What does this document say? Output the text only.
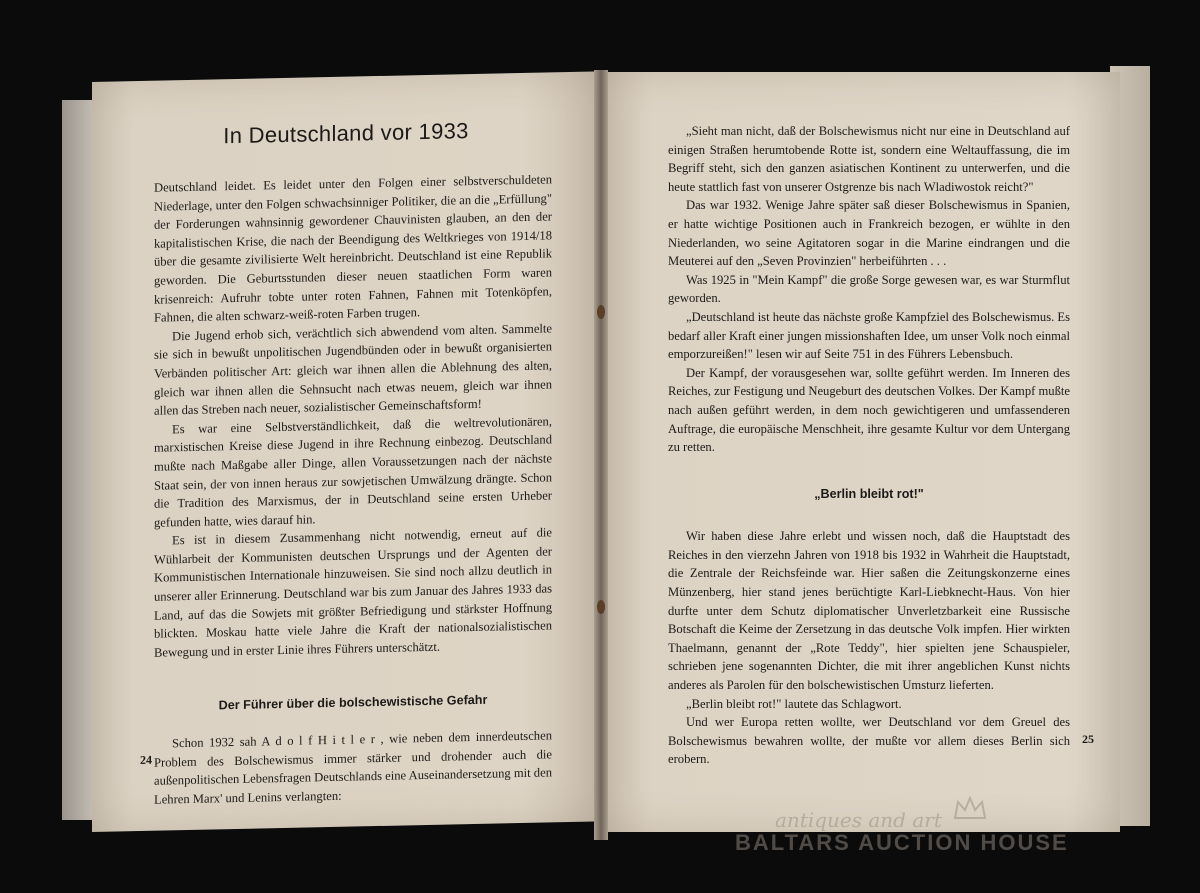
In Deutschland vor 1933

Deutschland leidet. Es leidet unter den Folgen einer selbstverschuldeten Niederlage, unter den Folgen schwachsinniger Politiker, die an die „Erfüllung" der Forderungen wahnsinnig gewordener Chauvinisten glauben, an den der kapitalistischen Krise, die nach der Beendigung des Weltkrieges von 1914/18 über die gesamte zivilisierte Welt hereinbricht. Deutschland ist eine Republik geworden. Die Geburtsstunden dieser neuen staatlichen Form waren krisenreich: Aufruhr tobte unter roten Fahnen, Fahnen mit Totenköpfen, Fahnen, die alten schwarz-weiß-roten Farben trugen.

Die Jugend erhob sich, verächtlich sich abwendend vom alten. Sammelte sie sich in bewußt unpolitischen Jugendbünden oder in bewußt organisierten Verbänden politischer Art: gleich war ihnen allen die Ablehnung des alten, gleich war ihnen allen die Sehnsucht nach etwas neuem, gleich war ihnen allen das Streben nach neuer, sozialistischer Gemeinschaftsform!

Es war eine Selbstverständlichkeit, daß die weltrevolutionären, marxistischen Kreise diese Jugend in ihre Rechnung einbezog. Deutschland mußte nach Maßgabe aller Dinge, allen Voraussetzungen nach der nächste Staat sein, der von innen heraus zur sowjetischen Umwälzung drängte. Schon die Tradition des Marxismus, der in Deutschland seine ersten Urheber gefunden hatte, wies darauf hin.

Es ist in diesem Zusammenhang nicht notwendig, erneut auf die Wühlarbeit der Kommunisten deutschen Ursprungs und der Agenten der Kommunistischen Internationale hinzuweisen. Sie sind noch allzu deutlich in unserer aller Erinnerung. Deutschland war bis zum Januar des Jahres 1933 das Land, auf das die Sowjets mit größter Befriedigung und stärkster Hoffnung blickten. Moskau hatte viele Jahre die Kraft der nationalsozialistischen Bewegung und in erster Linie ihres Führers unterschätzt.

Der Führer über die bolschewistische Gefahr

Schon 1932 sah A d o l f H i t l e r , wie neben dem innerdeutschen Problem des Bolschewismus immer stärker und drohender auch die außenpolitischen Lebensfragen Deutschlands eine Auseinandersetzung mit den Lehren Marx' und Lenins verlangten:

24

„Sieht man nicht, daß der Bolschewismus nicht nur eine in Deutschland auf einigen Straßen herumtobende Rotte ist, sondern eine Weltauffassung, die im Begriff steht, sich den ganzen asiatischen Kontinent zu unterwerfen, und die heute stattlich fast von unserer Ostgrenze bis nach Wladiwostok reicht?"

Das war 1932. Wenige Jahre später saß dieser Bolschewismus in Spanien, er hatte wichtige Positionen auch in Frankreich bezogen, er wühlte in den Niederlanden, wo seine Agitatoren sogar in die Marine eindrangen und die Meuterei auf den „Seven Provinzien" herbeiführten . . .

Was 1925 in "Mein Kampf" die große Sorge gewesen war, es war Sturmflut geworden.

„Deutschland ist heute das nächste große Kampfziel des Bolschewismus. Es bedarf aller Kraft einer jungen missionshaften Idee, um unser Volk noch einmal emporzureißen!" lesen wir auf Seite 751 in des Führers Lebensbuch.

Der Kampf, der vorausgesehen war, sollte geführt werden. Im Inneren des Reiches, zur Festigung und Neugeburt des deutschen Volkes. Der Kampf mußte nach außen geführt werden, in dem noch gewichtigeren und umfassenderen Auftrage, die europäische Menschheit, ihre gesamte Kultur vor dem Untergang zu retten.

„Berlin bleibt rot!"

Wir haben diese Jahre erlebt und wissen noch, daß die Hauptstadt des Reiches in den vierzehn Jahren von 1918 bis 1932 in Wahrheit die Hauptstadt, die Zentrale der Reichsfeinde war. Hier saßen die Zeitungskonzerne eines Münzenberg, hier stand jenes berüchtigte Karl-Liebknecht-Haus. Von hier durfte unter dem Schutz diplomatischer Unverletzbarkeit eine Russische Botschaft die Keime der Zersetzung in das deutsche Volk impfen. Hier wirkten Thaelmann, genannt der „Rote Teddy", hier spielten jene Schauspieler, schrieben jene sogenannten Dichter, die mit ihrer angeblichen Kunst nichts anderes als Parolen für den bolschewistischen Umsturz lieferten.

„Berlin bleibt rot!" lautete das Schlagwort.

Und wer Europa retten wollte, wer Deutschland vor dem Greuel des Bolschewismus bewahren wollte, der mußte vor allem dieses Berlin sich erobern.

25
antiques and art
BALTARS AUCTION HOUSE
